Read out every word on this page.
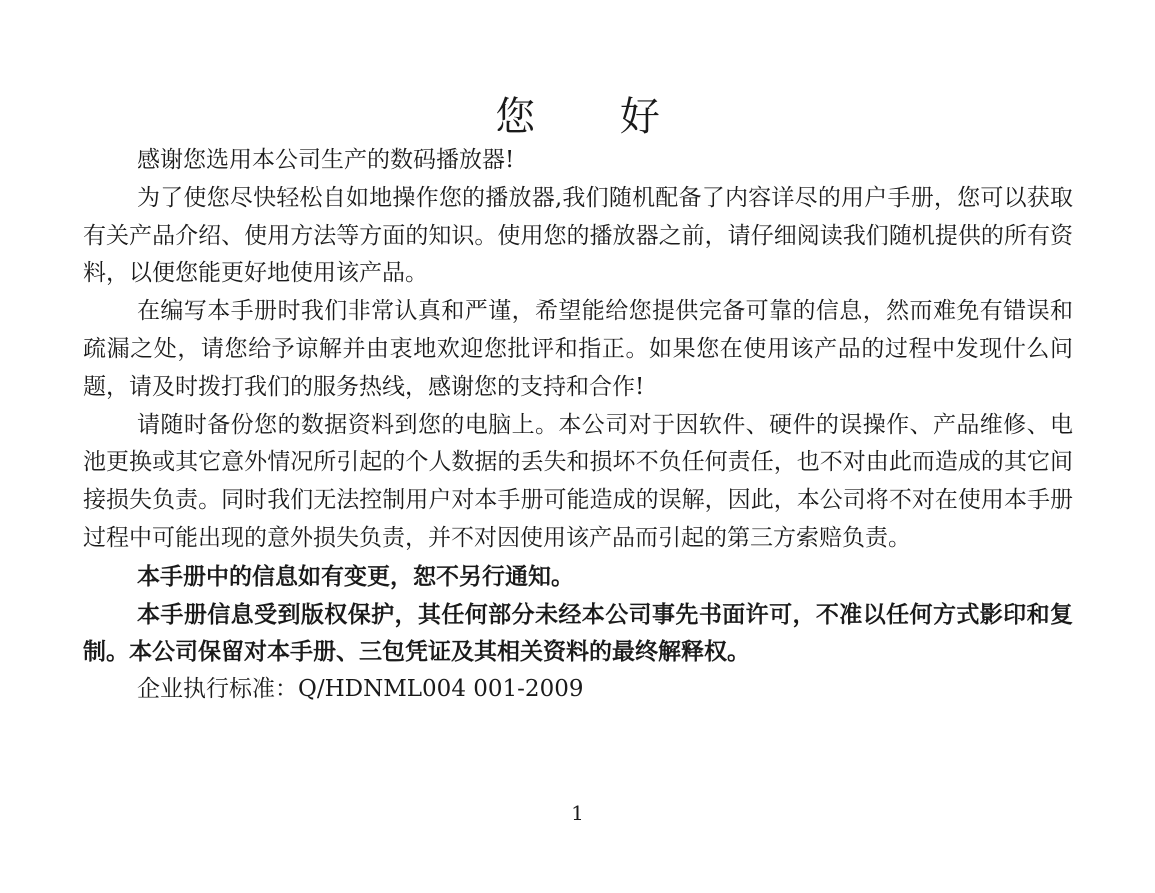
您 好

感谢您选用本公司生产的数码播放器!

为了使您尽快轻松自如地操作您的播放器,我们随机配备了内容详尽的用户手册，您可以获取有关产品介绍、使用方法等方面的知识。使用您的播放器之前，请仔细阅读我们随机提供的所有资料，以便您能更好地使用该产品。

在编写本手册时我们非常认真和严谨，希望能给您提供完备可靠的信息，然而难免有错误和疏漏之处，请您给予谅解并由衷地欢迎您批评和指正。如果您在使用该产品的过程中发现什么问题，请及时拨打我们的服务热线，感谢您的支持和合作!

请随时备份您的数据资料到您的电脑上。本公司对于因软件、硬件的误操作、产品维修、电池更换或其它意外情况所引起的个人数据的丢失和损坏不负任何责任，也不对由此而造成的其它间接损失负责。同时我们无法控制用户对本手册可能造成的误解，因此，本公司将不对在使用本手册过程中可能出现的意外损失负责，并不对因使用该产品而引起的第三方索赔负责。

本手册中的信息如有变更，恕不另行通知。

本手册信息受到版权保护，其任何部分未经本公司事先书面许可，不准以任何方式影印和复制。本公司保留对本手册、三包凭证及其相关资料的最终解释权。

企业执行标准：Q/HDNML004 001-2009

1
